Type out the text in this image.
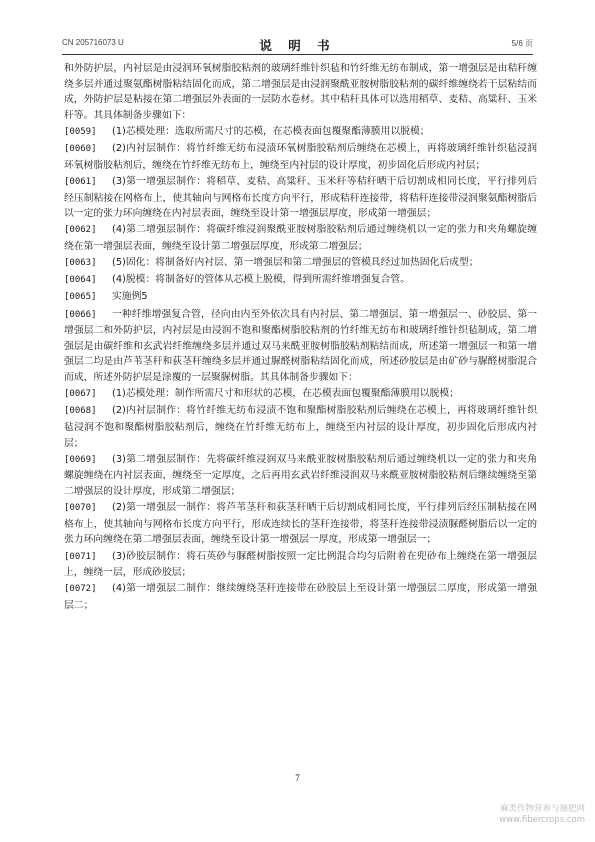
CN 205716073 U	说 明 书	5/6 页

和外防护层，内衬层是由浸润环氧树脂胶粘剂的玻璃纤维针织毡和竹纤维无纺布制成，第一增强层是由秸秆缠绕多层并通过聚氨酯树脂粘结固化而成，第二增强层是由浸润聚酰亚胺树脂胶粘剂的碳纤维缠绕若干层粘结而成，外防护层是粘接在第二增强层外表面的一层防水卷材。其中秸秆具体可以选用稻草、麦秸、高粱秆、玉米秆等。其具体制备步骤如下：

[0059] (1)芯模处理：选取所需尺寸的芯模，在芯模表面包覆聚酯薄膜用以脱模；

[0060] (2)内衬层制作：将竹纤维无纺布浸渍环氧树脂胶粘剂后缠绕在芯模上，再将玻璃纤维针织毡浸润环氧树脂胶粘剂后，缠绕在竹纤维无纺布上，缠绕至内衬层的设计厚度，初步固化后形成内衬层；

[0061] (3)第一增强层制作：将稻草、麦秸、高粱秆、玉米秆等秸秆晒干后切割成相同长度，平行排列后经压制粘接在网格布上，使其轴向与网格布长度方向平行，形成秸秆连接带，将秸秆连接带浸润聚氨酯树脂后以一定的张力环向缠绕在内衬层表面，缠绕至设计第一增强层厚度，形成第一增强层；

[0062] (4)第二增强层制作：将碳纤维浸润聚酰亚胺树脂胶粘剂后通过缠绕机以一定的张力和夹角螺旋缠绕在第一增强层表面，缠绕至设计第二增强层厚度，形成第二增强层；

[0063] (5)固化：将制备好内衬层、第一增强层和第二增强层的管模具经过加热固化后成型；

[0064] (4)脱模：将制备好的管体从芯模上脱模，得到所需纤维增强复合管。

[0065] 实施例5

[0066] 一种纤维增强复合管，径向由内至外依次具有内衬层、第二增强层、第一增强层一、砂胶层、第一增强层二和外防护层，内衬层是由浸润不饱和聚酯树脂胶粘剂的竹纤维无纺布和玻璃纤维针织毡制成，第二增强层是由碳纤维和玄武岩纤维缠绕多层并通过双马来酰亚胺树脂胶粘剂粘结而成，所述第一增强层一和第一增强层二均是由芦苇茎秆和荻茎秆缠绕多层并通过脲醛树脂粘结固化而成，所述砂胶层是由矿砂与脲醛树脂混合而成，所述外防护层是涂覆的一层聚脲树脂。其具体制备步骤如下：

[0067] (1)芯模处理：制作所需尺寸和形状的芯模，在芯模表面包覆聚酯薄膜用以脱模；

[0068] (2)内衬层制作：将竹纤维无纺布浸渍不饱和聚酯树脂胶粘剂后缠绕在芯模上，再将玻璃纤维针织毡浸润不饱和聚酯树脂胶粘剂后，缠绕在竹纤维无纺布上，缠绕至内衬层的设计厚度，初步固化后形成内衬层；

[0069] (3)第二增强层制作：先将碳纤维浸润双马来酰亚胺树脂胶粘剂后通过缠绕机以一定的张力和夹角螺旋缠绕在内衬层表面，缠绕至一定厚度，之后再用玄武岩纤维浸润双马来酰亚胺树脂胶粘剂后继续缠绕至第二增强层的设计厚度，形成第二增强层；

[0070] (2)第一增强层一制作：将芦苇茎秆和荻茎秆晒干后切割成相同长度，平行排列后经压制粘接在网格布上，使其轴向与网格布长度方向平行，形成连续长的茎秆连接带，将茎秆连接带浸渍脲醛树脂后以一定的张力环向缠绕在第二增强层表面，缠绕至设计第一增强层一厚度，形成第一增强层一；

[0071] (3)砂胶层制作：将石英砂与脲醛树脂按照一定比例混合均匀后附着在兜砂布上缠绕在第一增强层上，缠绕一层，形成砂胶层；

[0072] (4)第一增强层二制作：继续缠绕茎秆连接带在砂胶层上至设计第一增强层二厚度，形成第一增强层二；

7
麻类作物营养与施肥网
www.fibercrops.com
